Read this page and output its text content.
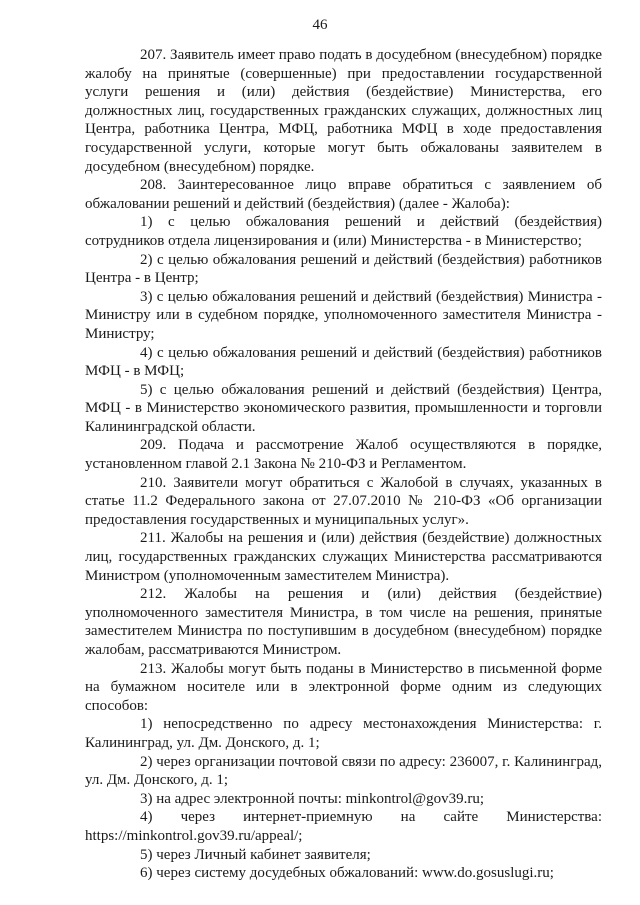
46

207. Заявитель имеет право подать в досудебном (внесудебном) порядке жалобу на принятые (совершенные) при предоставлении государственной услуги решения и (или) действия (бездействие) Министерства, его должностных лиц, государственных гражданских служащих, должностных лиц Центра, работника Центра, МФЦ, работника МФЦ в ходе предоставления государственной услуги, которые могут быть обжалованы заявителем в досудебном (внесудебном) порядке.

208. Заинтересованное лицо вправе обратиться с заявлением об обжаловании решений и действий (бездействия) (далее - Жалоба):

1) с целью обжалования решений и действий (бездействия) сотрудников отдела лицензирования и (или) Министерства - в Министерство;

2) с целью обжалования решений и действий (бездействия) работников Центра - в Центр;

3) с целью обжалования решений и действий (бездействия) Министра - Министру или в судебном порядке, уполномоченного заместителя Министра - Министру;

4) с целью обжалования решений и действий (бездействия) работников МФЦ - в МФЦ;

5) с целью обжалования решений и действий (бездействия) Центра, МФЦ - в Министерство экономического развития, промышленности и торговли Калининградской области.

209. Подача и рассмотрение Жалоб осуществляются в порядке, установленном главой 2.1 Закона № 210-ФЗ и Регламентом.

210. Заявители могут обратиться с Жалобой в случаях, указанных в статье 11.2 Федерального закона от 27.07.2010 № 210-ФЗ «Об организации предоставления государственных и муниципальных услуг».

211. Жалобы на решения и (или) действия (бездействие) должностных лиц, государственных гражданских служащих Министерства рассматриваются Министром (уполномоченным заместителем Министра).

212. Жалобы на решения и (или) действия (бездействие) уполномоченного заместителя Министра, в том числе на решения, принятые заместителем Министра по поступившим в досудебном (внесудебном) порядке жалобам, рассматриваются Министром.

213. Жалобы могут быть поданы в Министерство в письменной форме на бумажном носителе или в электронной форме одним из следующих способов:

1) непосредственно по адресу местонахождения Министерства: г. Калининград, ул. Дм. Донского, д. 1;

2) через организации почтовой связи по адресу: 236007, г. Калининград, ул. Дм. Донского, д. 1;

3) на адрес электронной почты: minkontrol@gov39.ru;

4) через интернет-приемную на сайте Министерства: https://minkontrol.gov39.ru/appeal/;

5) через Личный кабинет заявителя;

6) через систему досудебных обжалований: www.do.gosuslugi.ru;
